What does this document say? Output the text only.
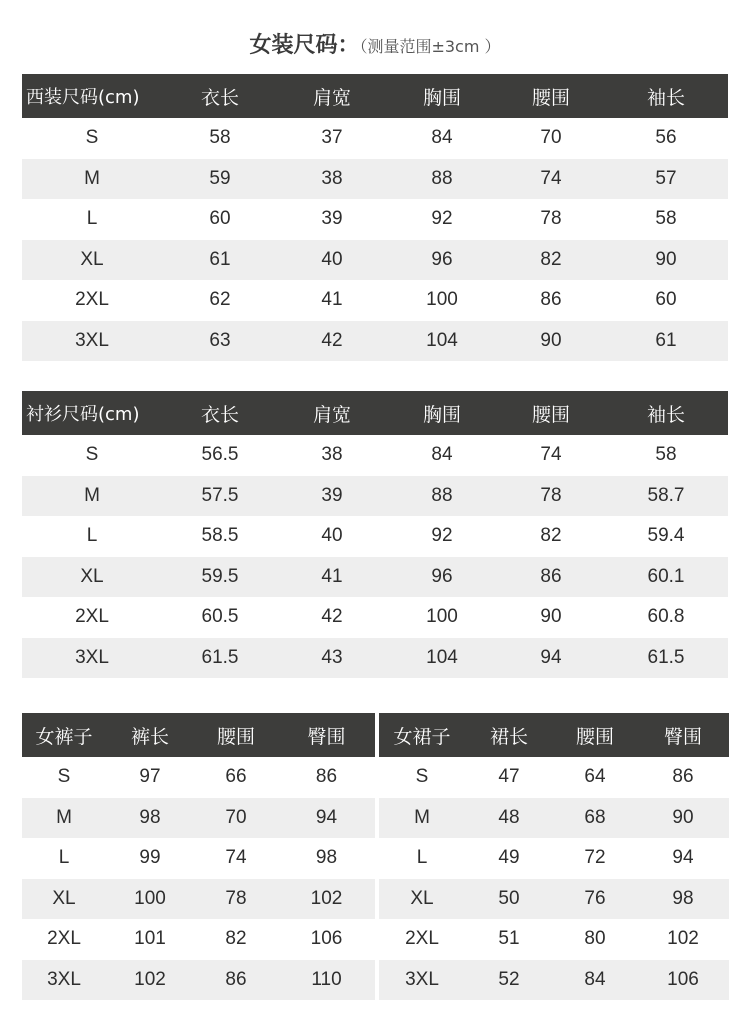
女装尺码：（测量范围±3cm ）
西装尺码(cm)	衣长	肩宽	胸围	腰围	袖长
S	58	37	84	70	56
M	59	38	88	74	57
L	60	39	92	78	58
XL	61	40	96	82	90
2XL	62	41	100	86	60
3XL	63	42	104	90	61
衬衫尺码(cm)	衣长	肩宽	胸围	腰围	袖长
S	56.5	38	84	74	58
M	57.5	39	88	78	58.7
L	58.5	40	92	82	59.4
XL	59.5	41	96	86	60.1
2XL	60.5	42	100	90	60.8
3XL	61.5	43	104	94	61.5
女裤子	裤长	腰围	臀围
S	97	66	86
M	98	70	94
L	99	74	98
XL	100	78	102
2XL	101	82	106
3XL	102	86	110
女裙子	裙长	腰围	臀围
S	47	64	86
M	48	68	90
L	49	72	94
XL	50	76	98
2XL	51	80	102
3XL	52	84	106
